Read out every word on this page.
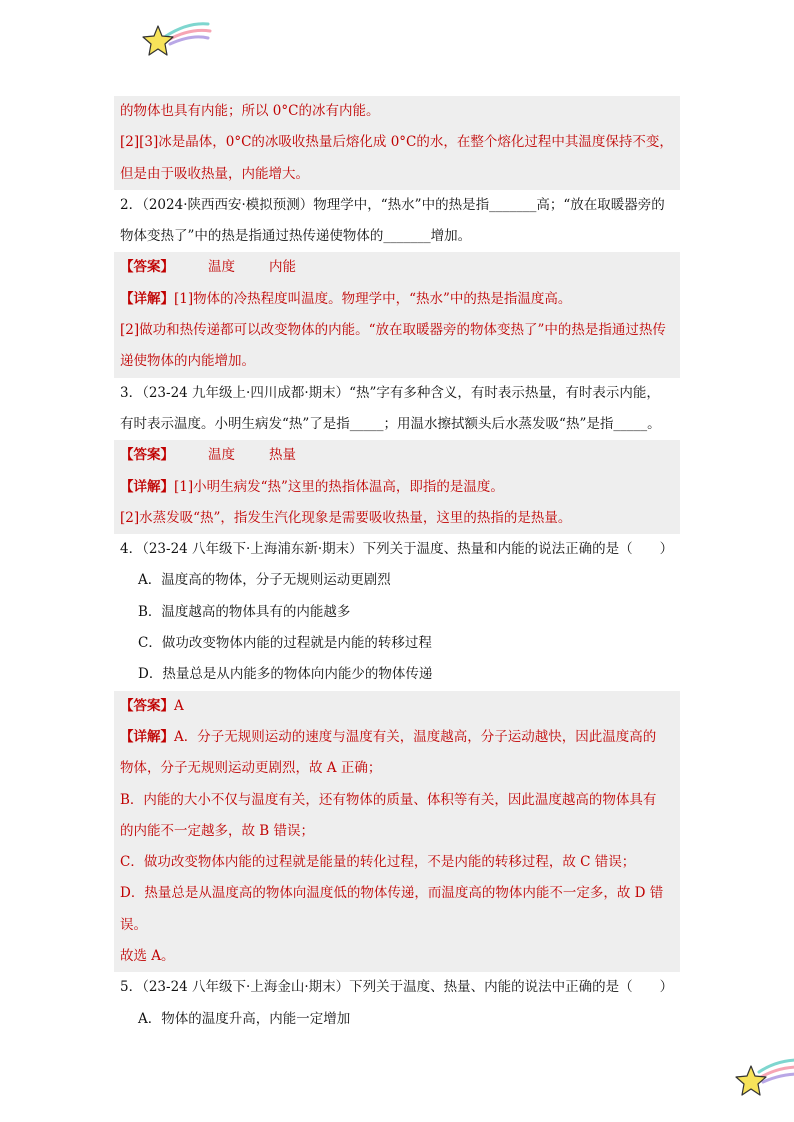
的物体也具有内能；所以 0°C的冰有内能。
[2][3]冰是晶体，0°C的冰吸收热量后熔化成 0°C的水，在整个熔化过程中其温度保持不变，
但是由于吸收热量，内能增大。
2．（2024·陕西西安·模拟预测）物理学中，“热水”中的热是指_______高；“放在取暖器旁的
物体变热了”中的热是指通过热传递使物体的_______增加。
【答案】	温度	内能
【详解】[1]物体的冷热程度叫温度。物理学中，“热水”中的热是指温度高。
[2]做功和热传递都可以改变物体的内能。“放在取暖器旁的物体变热了”中的热是指通过热传
递使物体的内能增加。
3．（23-24 九年级上·四川成都·期末）“热”字有多种含义，有时表示热量，有时表示内能，
有时表示温度。小明生病发“热”了是指_____；用温水擦拭额头后水蒸发吸“热”是指_____。
【答案】	温度	热量
【详解】[1]小明生病发“热”这里的热指体温高，即指的是温度。
[2]水蒸发吸“热”，指发生汽化现象是需要吸收热量，这里的热指的是热量。
4．（23-24 八年级下·上海浦东新·期末）下列关于温度、热量和内能的说法正确的是（　　）
A．温度高的物体，分子无规则运动更剧烈
B．温度越高的物体具有的内能越多
C．做功改变物体内能的过程就是内能的转移过程
D．热量总是从内能多的物体向内能少的物体传递
【答案】A
【详解】A．分子无规则运动的速度与温度有关，温度越高，分子运动越快，因此温度高的
物体，分子无规则运动更剧烈，故 A 正确；
B．内能的大小不仅与温度有关，还有物体的质量、体积等有关，因此温度越高的物体具有
的内能不一定越多，故 B 错误；
C．做功改变物体内能的过程就是能量的转化过程，不是内能的转移过程，故 C 错误；
D．热量总是从温度高的物体向温度低的物体传递，而温度高的物体内能不一定多，故 D 错
误。
故选 A。
5．（23-24 八年级下·上海金山·期末）下列关于温度、热量、内能的说法中正确的是（　　）
A．物体的温度升高，内能一定增加
